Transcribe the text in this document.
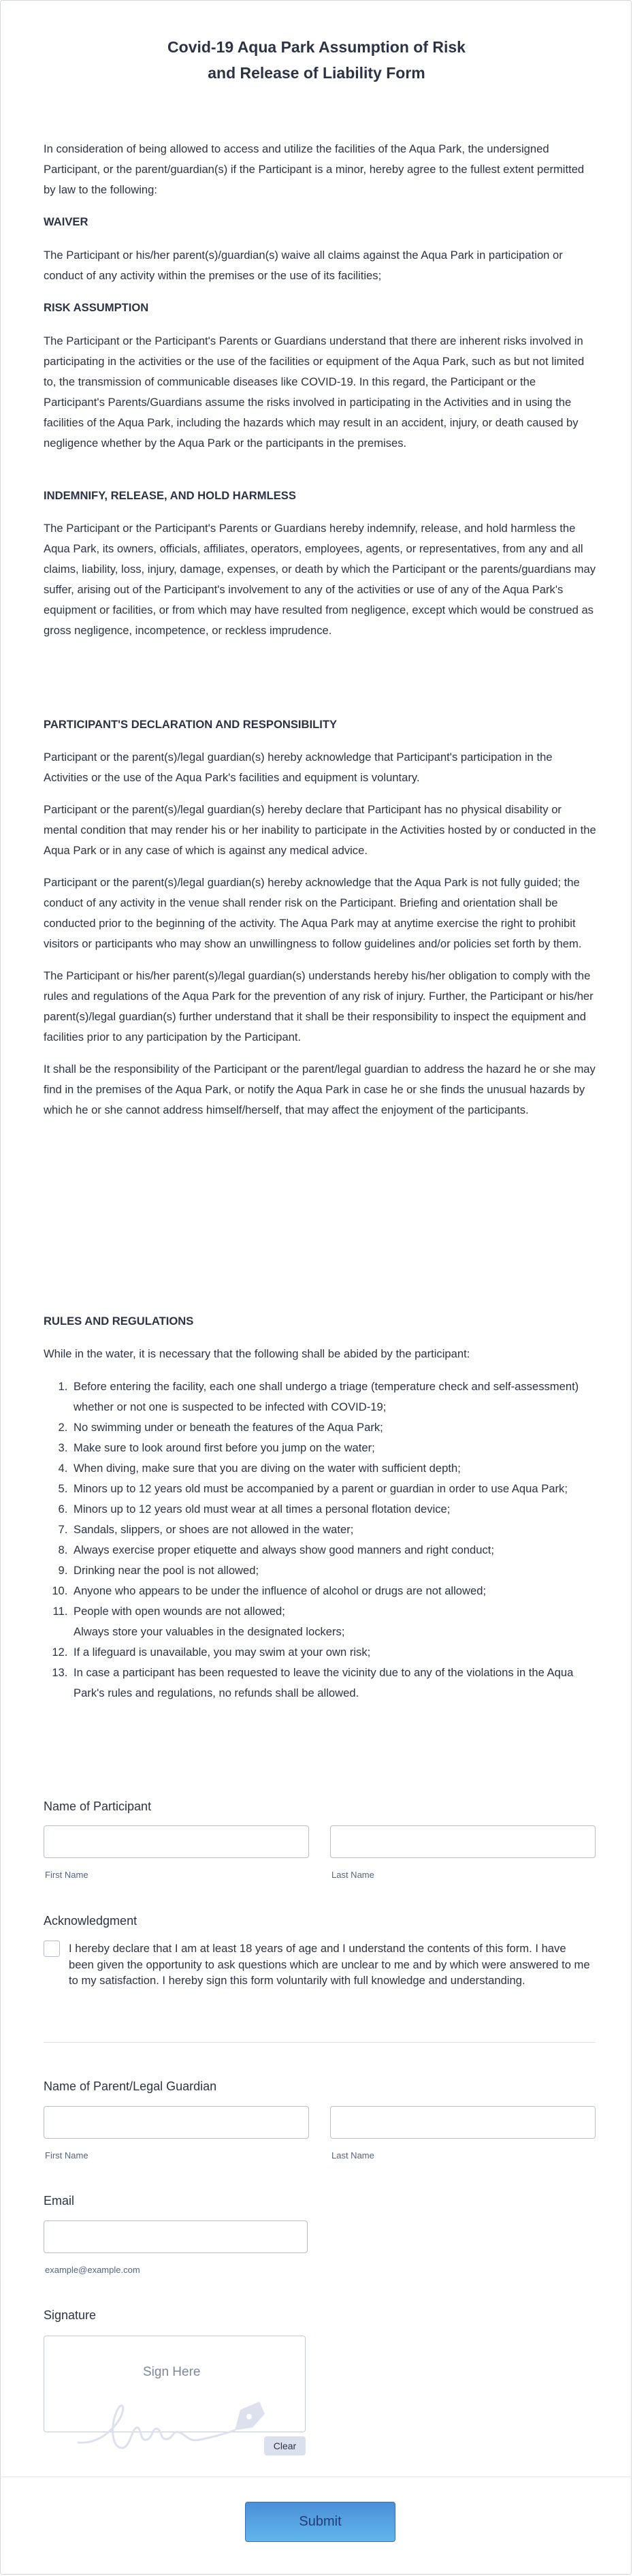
Covid-19 Aqua Park Assumption of Risk
and Release of Liability Form

In consideration of being allowed to access and utilize the facilities of the Aqua Park, the undersigned Participant, or the parent/guardian(s) if the Participant is a minor, hereby agree to the fullest extent permitted by law to the following:

WAIVER

The Participant or his/her parent(s)/guardian(s) waive all claims against the Aqua Park in participation or conduct of any activity within the premises or the use of its facilities;

RISK ASSUMPTION

The Participant or the Participant's Parents or Guardians understand that there are inherent risks involved in participating in the activities or the use of the facilities or equipment of the Aqua Park, such as but not limited to, the transmission of communicable diseases like COVID-19. In this regard, the Participant or the Participant's Parents/Guardians assume the risks involved in participating in the Activities and in using the facilities of the Aqua Park, including the hazards which may result in an accident, injury, or death caused by negligence whether by the Aqua Park or the participants in the premises.

INDEMNIFY, RELEASE, AND HOLD HARMLESS

The Participant or the Participant's Parents or Guardians hereby indemnify, release, and hold harmless the Aqua Park, its owners, officials, affiliates, operators, employees, agents, or representatives, from any and all claims, liability, loss, injury, damage, expenses, or death by which the Participant or the parents/guardians may suffer, arising out of the Participant's involvement to any of the activities or use of any of the Aqua Park's equipment or facilities, or from which may have resulted from negligence, except which would be construed as gross negligence, incompetence, or reckless imprudence.

PARTICIPANT'S DECLARATION AND RESPONSIBILITY

Participant or the parent(s)/legal guardian(s) hereby acknowledge that Participant's participation in the Activities or the use of the Aqua Park's facilities and equipment is voluntary.

Participant or the parent(s)/legal guardian(s) hereby declare that Participant has no physical disability or mental condition that may render his or her inability to participate in the Activities hosted by or conducted in the Aqua Park or in any case of which is against any medical advice.

Participant or the parent(s)/legal guardian(s) hereby acknowledge that the Aqua Park is not fully guided; the conduct of any activity in the venue shall render risk on the Participant. Briefing and orientation shall be conducted prior to the beginning of the activity. The Aqua Park may at anytime exercise the right to prohibit visitors or participants who may show an unwillingness to follow guidelines and/or policies set forth by them.

The Participant or his/her parent(s)/legal guardian(s) understands hereby his/her obligation to comply with the rules and regulations of the Aqua Park for the prevention of any risk of injury. Further, the Participant or his/her parent(s)/legal guardian(s) further understand that it shall be their responsibility to inspect the equipment and facilities prior to any participation by the Participant.

It shall be the responsibility of the Participant or the parent/legal guardian to address the hazard he or she may find in the premises of the Aqua Park, or notify the Aqua Park in case he or she finds the unusual hazards by which he or she cannot address himself/herself, that may affect the enjoyment of the participants.

RULES AND REGULATIONS

While in the water, it is necessary that the following shall be abided by the participant:

1. Before entering the facility, each one shall undergo a triage (temperature check and self-assessment) whether or not one is suspected to be infected with COVID-19;
2. No swimming under or beneath the features of the Aqua Park;
3. Make sure to look around first before you jump on the water;
4. When diving, make sure that you are diving on the water with sufficient depth;
5. Minors up to 12 years old must be accompanied by a parent or guardian in order to use Aqua Park;
6. Minors up to 12 years old must wear at all times a personal flotation device;
7. Sandals, slippers, or shoes are not allowed in the water;
8. Always exercise proper etiquette and always show good manners and right conduct;
9. Drinking near the pool is not allowed;
10. Anyone who appears to be under the influence of alcohol or drugs are not allowed;
11. People with open wounds are not allowed;
Always store your valuables in the designated lockers;
12. If a lifeguard is unavailable, you may swim at your own risk;
13. In case a participant has been requested to leave the vicinity due to any of the violations in the Aqua Park's rules and regulations, no refunds shall be allowed.
Name of Participant
First Name	Last Name
Acknowledgment
I hereby declare that I am at least 18 years of age and I understand the contents of this form. I have been given the opportunity to ask questions which are unclear to me and by which were answered to me to my satisfaction. I hereby sign this form voluntarily with full knowledge and understanding.
Name of Parent/Legal Guardian
First Name	Last Name
Email
example@example.com
Signature
Sign Here
Clear
Submit
